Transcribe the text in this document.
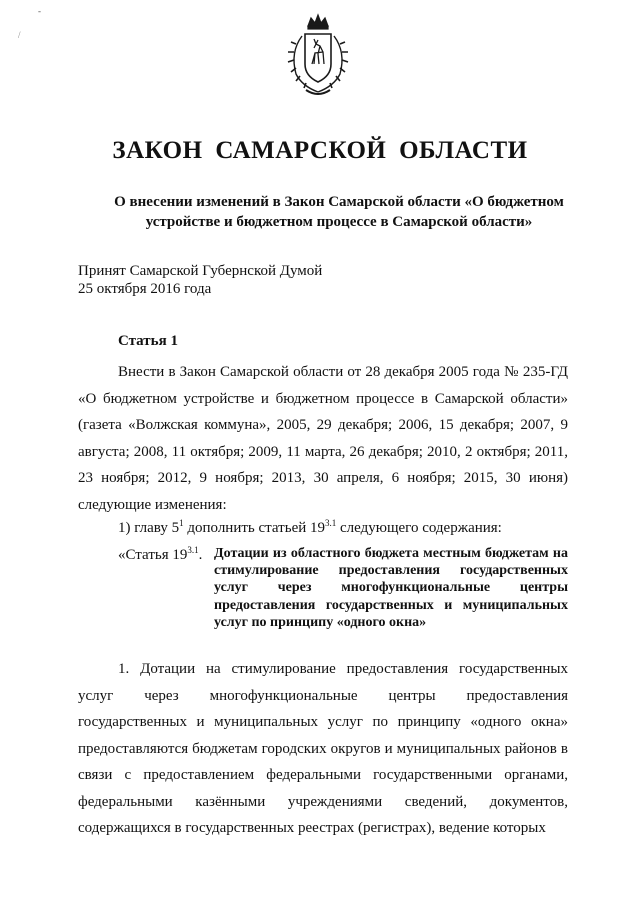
-
/
ЗАКОН САМАРСКОЙ ОБЛАСТИ
О внесении изменений в Закон Самарской области «О бюджетном устройстве и бюджетном процессе в Самарской области»
Принят Самарской Губернской Думой
25 октября 2016 года
Статья 1
Внести в Закон Самарской области от 28 декабря 2005 года № 235-ГД «О бюджетном устройстве и бюджетном процессе в Самарской области» (газета «Волжская коммуна», 2005, 29 декабря; 2006, 15 декабря; 2007, 9 августа; 2008, 11 октября; 2009, 11 марта, 26 декабря; 2010, 2 октября; 2011, 23 ноября; 2012, 9 ноября; 2013, 30 апреля, 6 ноября; 2015, 30 июня) следующие изменения:
1) главу $5^1$ дополнить статьей $19^{3.1}$ следующего содержания:
«Статья $19^{3.1}$. Дотации из областного бюджета местным бюджетам на стимулирование предоставления государственных услуг через многофункциональные центры предоставления государственных и муниципальных услуг по принципу «одного окна»
1. Дотации на стимулирование предоставления государственных услуг через многофункциональные центры предоставления государственных и муниципальных услуг по принципу «одного окна» предоставляются бюджетам городских округов и муниципальных районов в связи с предоставлением федеральными государственными органами, федеральными казёнными учреждениями сведений, документов, содержащихся в государственных реестрах (регистрах), ведение которых
